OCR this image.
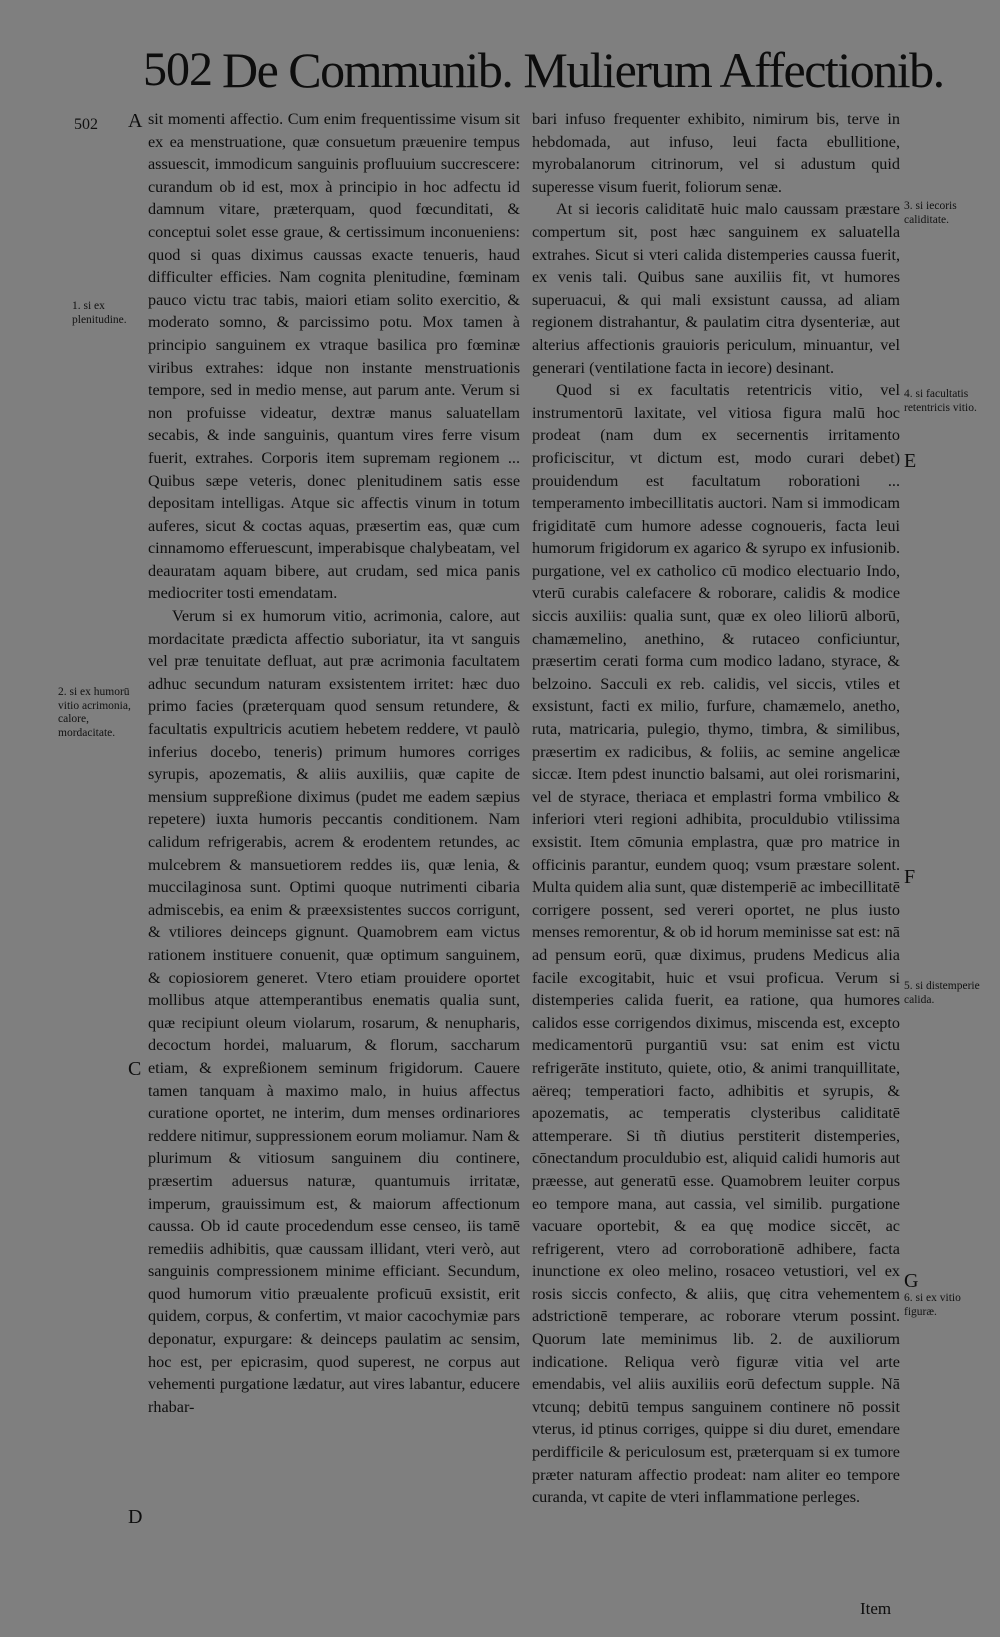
502 De Communib. Mulierum Affectionib.
502	A
1. si ex plenitudine.
2. si ex humorū vitio acrimonia, calore, mordacitate.
C
D

sit momenti affectio. Cum enim frequentissime visum sit ex ea menstruatione, quæ consuetum præuenire tempus assuescit, immodicum sanguinis profluuium succrescere: curandum ob id est, mox à principio in hoc adfectu id damnum vitare, præterquam, quod fœcunditati, & conceptui solet esse graue, & certissimum inconueniens: quod si quas diximus caussas exacte tenueris, haud difficulter efficies. Nam cognita plenitudine, fœminam pauco victu trac tabis, maiori etiam solito exercitio, & moderato somno, & parcissimo potu. Mox tamen à principio sanguinem ex vtraque basilica pro fœminæ viribus extrahes: idque non instante menstruationis tempore, sed in medio mense, aut parum ante. Verum si non profuisse videatur, dextræ manus saluatellam secabis, & inde sanguinis, quantum vires ferre visum fuerit, extrahes. Corporis item supremam regionem ... Quibus sæpe veteris, donec plenitudinem satis esse depositam intelligas. Atque sic affectis vinum in totum auferes, sicut & coctas aquas, præsertim eas, quæ cum cinnamomo efferuescunt, imperabisque chalybeatam, vel deauratam aquam bibere, aut crudam, sed mica panis mediocriter tosti emendatam.

Verum si ex humorum vitio, acrimonia, calore, aut mordacitate prædicta affectio suboriatur, ita vt sanguis vel præ tenuitate defluat, aut præ acrimonia facultatem adhuc secundum naturam exsistentem irritet: hæc duo primo facies (præterquam quod sensum retundere, & facultatis expultricis acutiem hebetem reddere, vt paulò inferius docebo, teneris) primum humores corriges syrupis, apozematis, & aliis auxiliis, quæ capite de mensium suppreßione diximus (pudet me eadem sæpius repetere) iuxta humoris peccantis conditionem. Nam calidum refrigerabis, acrem & erodentem retundes, ac mulcebrem & mansuetiorem reddes iis, quæ lenia, & muccilaginosa sunt. Optimi quoque nutrimenti cibaria admiscebis, ea enim & præexsistentes succos corrigunt, & vtiliores deinceps gignunt. Quamobrem eam victus rationem instituere conuenit, quæ optimum sanguinem, & copiosiorem generet. Vtero etiam prouidere oportet mollibus atque attemperantibus enematis qualia sunt, quæ recipiunt oleum violarum, rosarum, & nenupharis, decoctum hordei, maluarum, & florum, saccharum etiam, & expreßionem seminum frigidorum. Cauere tamen tanquam à maximo malo, in huius affectus curatione oportet, ne interim, dum menses ordinariores reddere nitimur, suppressionem eorum moliamur. Nam & plurimum & vitiosum sanguinem diu continere, præsertim aduersus naturæ, quantumuis irritatæ, imperum, grauissimum est, & maiorum affectionum caussa. Ob id caute procedendum esse censeo, iis tamē remediis adhibitis, quæ caussam illidant, vteri verò, aut sanguinis compressionem minime efficiant. Secundum, quod humorum vitio præualente proficuū exsistit, erit quidem, corpus, & confertim, vt maior cacochymiæ pars deponatur, expurgare: & deinceps paulatim ac sensim, hoc est, per epicrasim, quod superest, ne corpus aut vehementi purgatione lædatur, aut vires labantur, educere rhabar-

bari infuso frequenter exhibito, nimirum bis, terve in hebdomada, aut infuso, leui facta ebullitione, myrobalanorum citrinorum, vel si adustum quid superesse visum fuerit, foliorum senæ.

At si iecoris caliditatē huic malo caussam præstare compertum sit, post hæc sanguinem ex saluatella extrahes. Sicut si vteri calida distemperies caussa fuerit, ex venis tali. Quibus sane auxiliis fit, vt humores superuacui, & qui mali exsistunt caussa, ad aliam regionem distrahantur, & paulatim citra dysenteriæ, aut alterius affectionis grauioris periculum, minuantur, vel generari (ventilatione facta in iecore) desinant.

Quod si ex facultatis retentricis vitio, vel instrumentorū laxitate, vel vitiosa figura malū hoc prodeat (nam dum ex secernentis irritamento proficiscitur, vt dictum est, modo curari debet) prouidendum est facultatum roborationi ... temperamento imbecillitatis auctori. Nam si immodicam frigiditatē cum humore adesse cognoueris, facta leui humorum frigidorum ex agarico & syrupo ex infusionib. purgatione, vel ex catholico cū modico electuario Indo, vterū curabis calefacere & roborare, calidis & modice siccis auxiliis: qualia sunt, quæ ex oleo liliorū alborū, chamæmelino, anethino, & rutaceo conficiuntur, præsertim cerati forma cum modico ladano, styrace, & belzoino. Sacculi ex reb. calidis, vel siccis, vtiles et exsistunt, facti ex milio, furfure, chamæmelo, anetho, ruta, matricaria, pulegio, thymo, timbra, & similibus, præsertim ex radicibus, & foliis, ac semine angelicæ siccæ. Item pdest inunctio balsami, aut olei rorismarini, vel de styrace, theriaca et emplastri forma vmbilico & inferiori vteri regioni adhibita, proculdubio vtilissima exsistit. Item cōmunia emplastra, quæ pro matrice in officinis parantur, eundem quoq; vsum præstare solent. Multa quidem alia sunt, quæ distemperiē ac imbecillitatē corrigere possent, sed vereri oportet, ne plus iusto menses remorentur, & ob id horum meminisse sat est: nā ad pensum eorū, quæ diximus, prudens Medicus alia facile excogitabit, huic et vsui proficua. Verum si distemperies calida fuerit, ea ratione, qua humores calidos esse corrigendos diximus, miscenda est, excepto medicamentorū purgantiū vsu: sat enim est victu refrigerāte instituto, quiete, otio, & animi tranquillitate, aëreq; temperatiori facto, adhibitis et syrupis, & apozematis, ac temperatis clysteribus caliditatē attemperare. Si tñ diutius perstiterit distemperies, cōnectandum proculdubio est, aliquid calidi humoris aut præesse, aut generatū esse. Quamobrem leuiter corpus eo tempore mana, aut cassia, vel similib. purgatione vacuare oportebit, & ea quę modice siccēt, ac refrigerent, vtero ad corroborationē adhibere, facta inunctione ex oleo melino, rosaceo vetustiori, vel ex rosis siccis confecto, & aliis, quę citra vehementem adstrictionē temperare, ac roborare vterum possint. Quorum late meminimus lib. 2. de auxiliorum indicatione. Reliqua verò figuræ vitia vel arte emendabis, vel aliis auxiliis eorū defectum supple. Nā vtcunq; debitū tempus sanguinem continere nō possit vterus, id ptinus corriges, quippe si diu duret, emendare perdifficile & periculosum est, præterquam si ex tumore præter naturam affectio prodeat: nam aliter eo tempore curanda, vt capite de vteri inflammatione perleges.

3. si iecoris caliditate.
4. si facultatis retentricis vitio.
E
F
5. si distemperie calida.
G
6. si ex vitio figuræ.
Item
